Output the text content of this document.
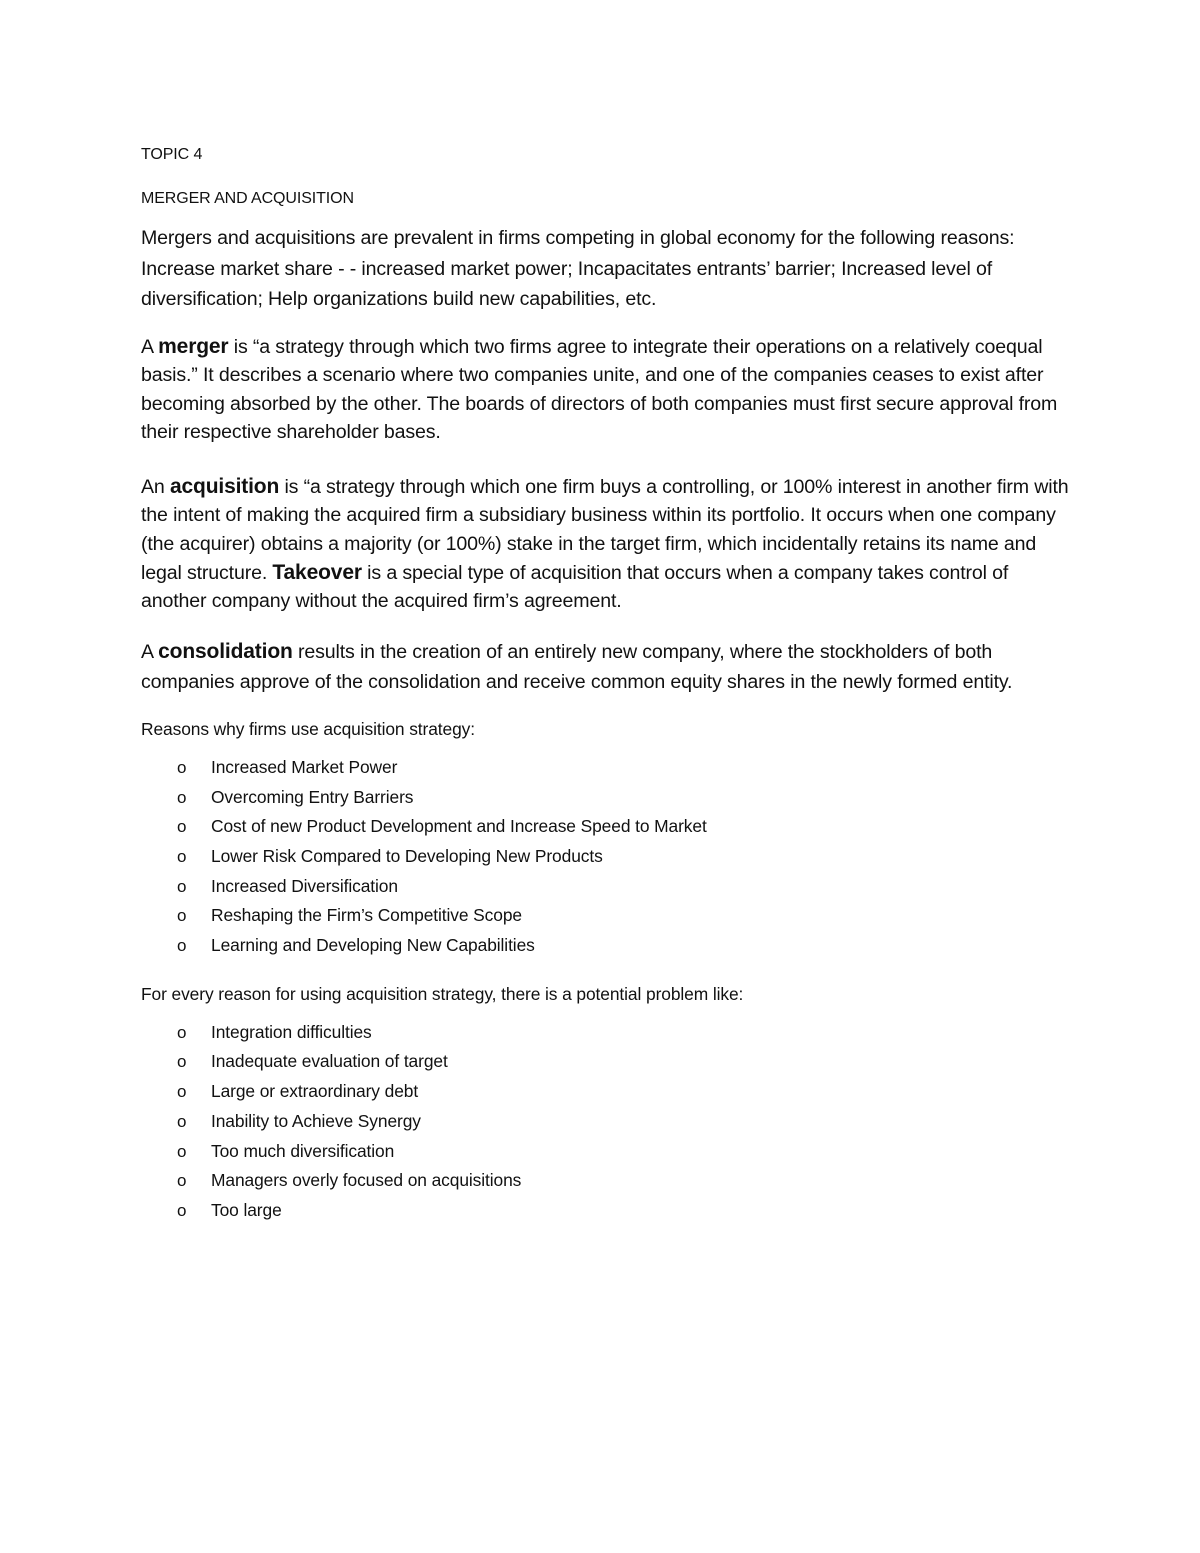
TOPIC 4

MERGER AND ACQUISITION

Mergers and acquisitions are prevalent in firms competing in global economy for the following reasons: Increase market share - - increased market power; Incapacitates entrants’ barrier; Increased level of diversification; Help organizations build new capabilities, etc.

A merger is “a strategy through which two firms agree to integrate their operations on a relatively coequal basis.” It describes a scenario where two companies unite, and one of the companies ceases to exist after becoming absorbed by the other. The boards of directors of both companies must first secure approval from their respective shareholder bases.

An acquisition is “a strategy through which one firm buys a controlling, or 100% interest in another firm with the intent of making the acquired firm a subsidiary business within its portfolio. It occurs when one company (the acquirer) obtains a majority (or 100%) stake in the target firm, which incidentally retains its name and legal structure. Takeover is a special type of acquisition that occurs when a company takes control of another company without the acquired firm’s agreement.

A consolidation results in the creation of an entirely new company, where the stockholders of both companies approve of the consolidation and receive common equity shares in the newly formed entity.

Reasons why firms use acquisition strategy:

o Increased Market Power
o Overcoming Entry Barriers
o Cost of new Product Development and Increase Speed to Market
o Lower Risk Compared to Developing New Products
o Increased Diversification
o Reshaping the Firm’s Competitive Scope
o Learning and Developing New Capabilities

For every reason for using acquisition strategy, there is a potential problem like:

o Integration difficulties
o Inadequate evaluation of target
o Large or extraordinary debt
o Inability to Achieve Synergy
o Too much diversification
o Managers overly focused on acquisitions
o Too large
